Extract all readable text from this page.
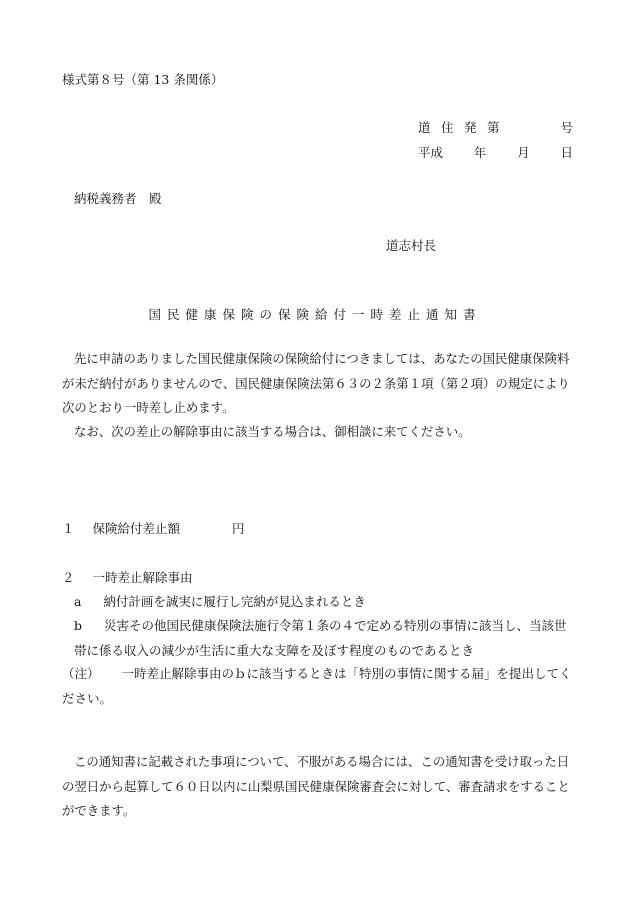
様式第８号（第 13 条関係）
道 住 発 第	号
平成 年 月 日
納税義務者　殿
道志村長
国民健康保険の保険給付一時差止通知書
先に申請のありました国民健康保険の保険給付につきましては、あなたの国民健康保険料が未だ納付がありませんので、国民健康保険法第６３の２条第１項（第２項）の規定により次のとおり一時差し止めます。
なお、次の差止の解除事由に該当する場合は、御相談に来てください。
１ 保険給付差止額	円
２ 一時差止解除事由
a 納付計画を誠実に履行し完納が見込まれるとき
b 災害その他国民健康保険法施行令第１条の４で定める特別の事情に該当し、当該世帯に係る収入の減少が生活に重大な支障を及ぼす程度のものであるとき
（注） 一時差止解除事由のｂに該当するときは「特別の事情に関する届」を提出してください。
この通知書に記載された事項について、不服がある場合には、この通知書を受け取った日の翌日から起算して６０日以内に山梨県国民健康保険審査会に対して、審査請求をすることができます。
